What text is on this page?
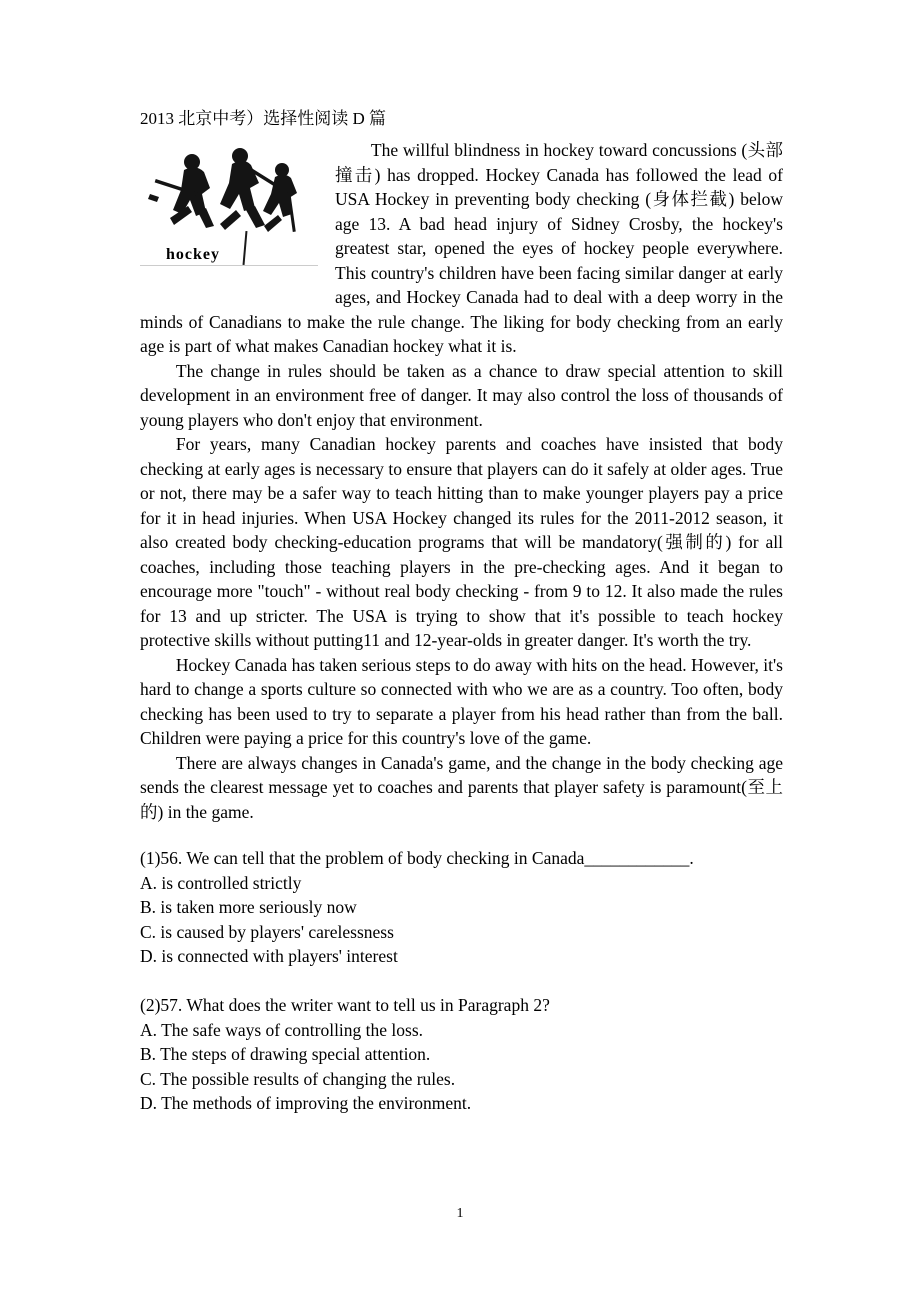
2013 北京中考）选择性阅读 D 篇
hockey

The willful blindness in hockey toward concussions (头部撞击) has dropped. Hockey Canada has followed the lead of USA Hockey in preventing body checking (身体拦截) below age 13. A bad head injury of Sidney Crosby, the hockey's greatest star, opened the eyes of hockey people everywhere. This country's children have been facing similar danger at early ages, and Hockey Canada had to deal with a deep worry in the minds of Canadians to make the rule change. The liking for body checking from an early age is part of what makes Canadian hockey what it is.

The change in rules should be taken as a chance to draw special attention to skill development in an environment free of danger. It may also control the loss of thousands of young players who don't enjoy that environment.

For years, many Canadian hockey parents and coaches have insisted that body checking at early ages is necessary to ensure that players can do it safely at older ages. True or not, there may be a safer way to teach hitting than to make younger players pay a price for it in head injuries. When USA Hockey changed its rules for the 2011-2012 season, it also created body checking-education programs that will be mandatory(强制的) for all coaches, including those teaching players in the pre-checking ages. And it began to encourage more "touch" - without real body checking - from 9 to 12. It also made the rules for 13 and up stricter. The USA is trying to show that it's possible to teach hockey protective skills without putting11 and 12-year-olds in greater danger. It's worth the try.

Hockey Canada has taken serious steps to do away with hits on the head. However, it's hard to change a sports culture so connected with who we are as a country. Too often, body checking has been used to try to separate a player from his head rather than from the ball. Children were paying a price for this country's love of the game.

There are always changes in Canada's game, and the change in the body checking age sends the clearest message yet to coaches and parents that player safety is paramount(至上的) in the game.

(1)56. We can tell that the problem of body checking in Canada____________.
A. is controlled strictly
B. is taken more seriously now
C. is caused by players' carelessness
D. is connected with players' interest
(2)57. What does the writer want to tell us in Paragraph 2?
A. The safe ways of controlling the loss.
B. The steps of drawing special attention.
C. The possible results of changing the rules.
D. The methods of improving the environment.
1
